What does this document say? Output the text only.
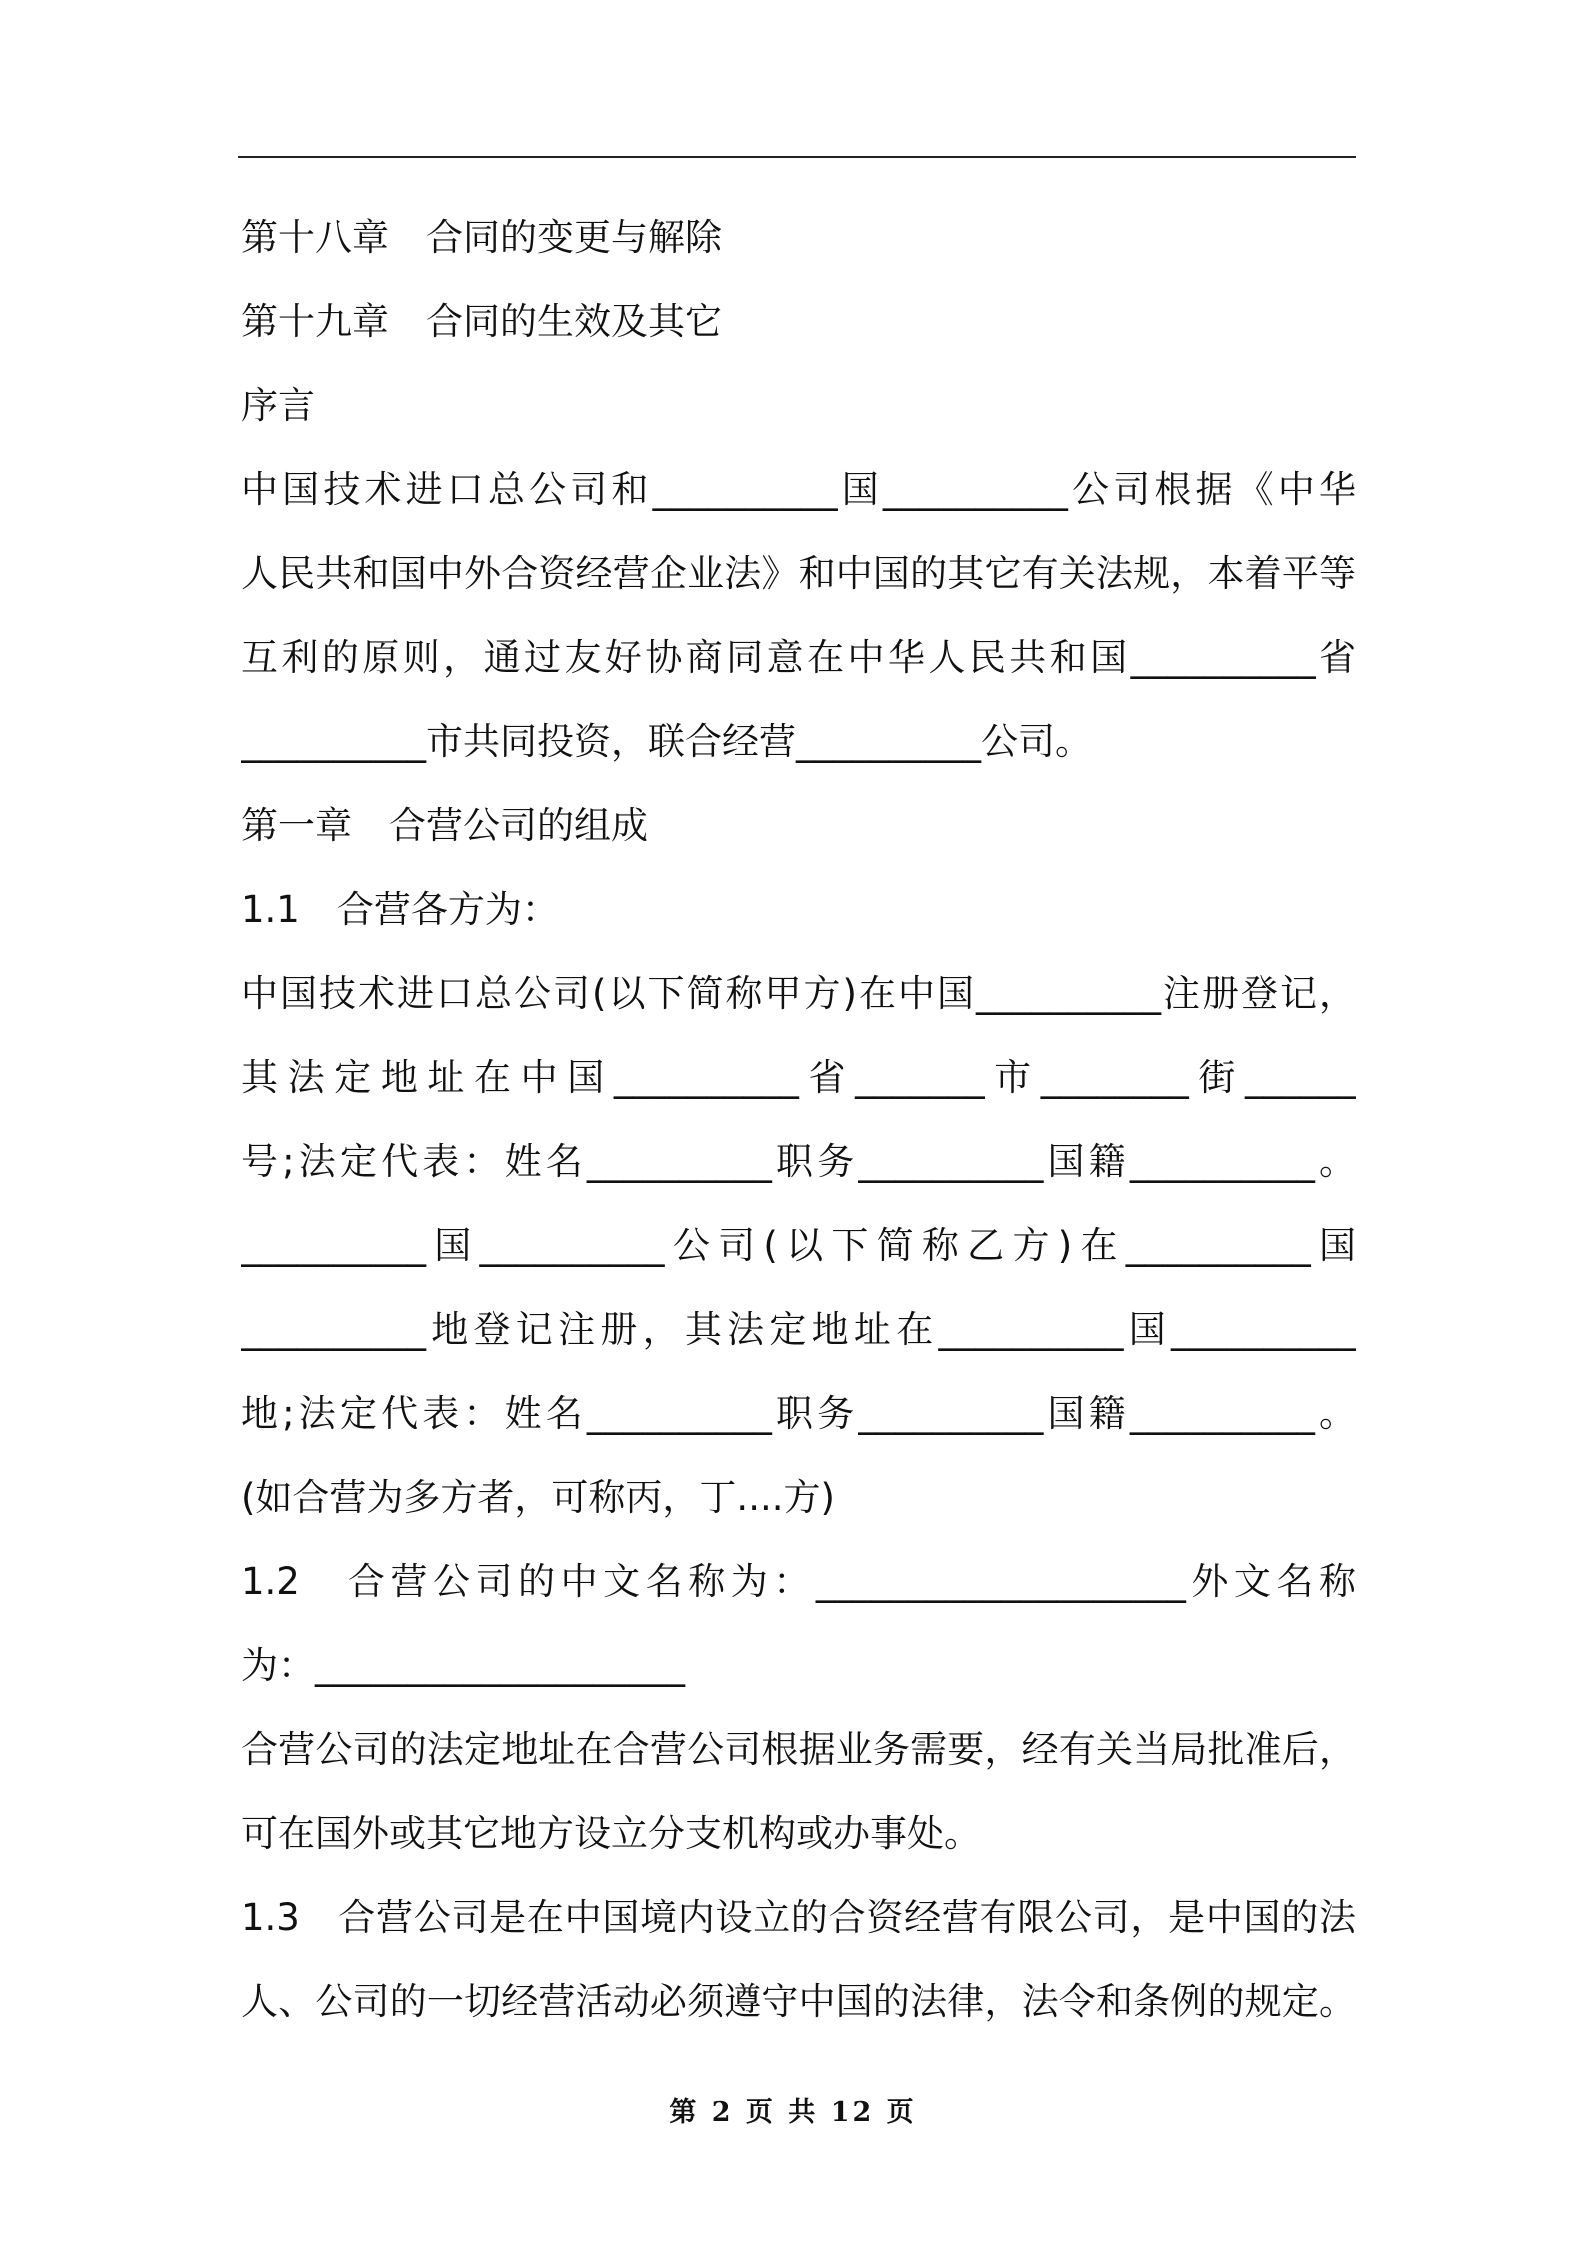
第十八章　合同的变更与解除
第十九章　合同的生效及其它
序言
中国技术进口总公司和__________国__________公司根据《中华
人民共和国中外合资经营企业法》和中国的其它有关法规，本着平等
互利的原则，通过友好协商同意在中华人民共和国__________省
__________市共同投资，联合经营__________公司。
第一章　合营公司的组成
1.1　合营各方为：
中国技术进口总公司(以下简称甲方)在中国__________注册登记，
其法定地址在中国__________省_______市________街______
号;法定代表：姓名__________职务__________国籍__________。
__________国__________公司(以下简称乙方)在__________国
__________地登记注册，其法定地址在__________国__________
地;法定代表：姓名__________职务__________国籍__________。
(如合营为多方者，可称丙，丁....方)
1.2　合营公司的中文名称为：____________________外文名称
为：____________________
合营公司的法定地址在合营公司根据业务需要，经有关当局批准后，
可在国外或其它地方设立分支机构或办事处。
1.3　合营公司是在中国境内设立的合资经营有限公司，是中国的法
人、公司的一切经营活动必须遵守中国的法律，法令和条例的规定。
第 2 页 共 12 页
